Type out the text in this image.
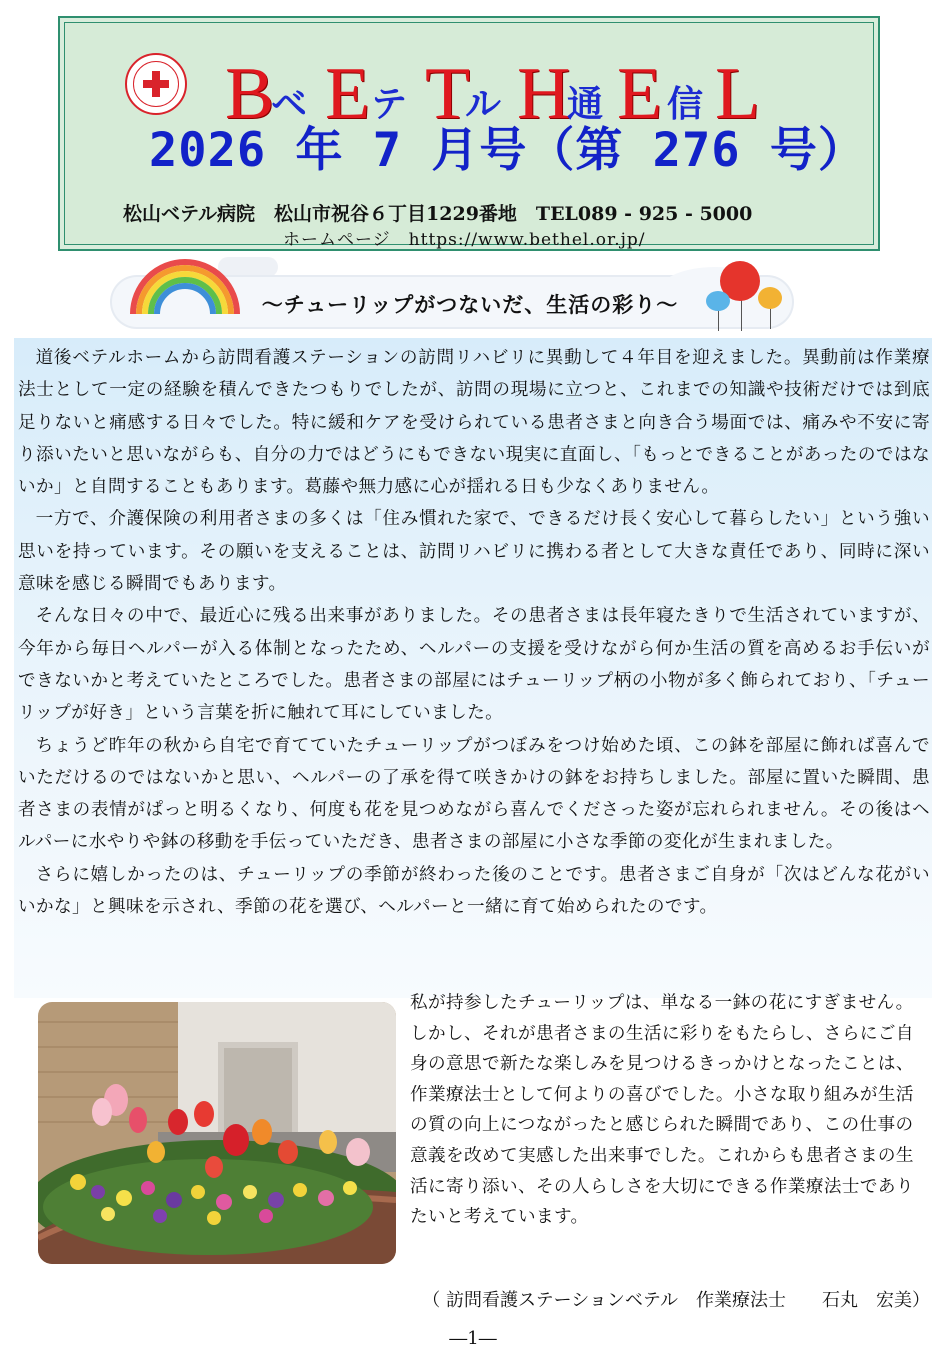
B
ベ E テ T
ル H
通 E 信 L
2026 年 7 月号（第 276 号）
松山ベテル病院　松山市祝谷６丁目1229番地　TEL089 - 925 - 5000
ホームページ　https://www.bethel.or.jp/
～チューリップがつないだ、生活の彩り～

道後ベテルホームから訪問看護ステーションの訪問リハビリに異動して４年目を迎えました。異動前は作業療法士として一定の経験を積んできたつもりでしたが、訪問の現場に立つと、これまでの知識や技術だけでは到底足りないと痛感する日々でした。特に緩和ケアを受けられている患者さまと向き合う場面では、痛みや不安に寄り添いたいと思いながらも、自分の力ではどうにもできない現実に直面し、「もっとできることがあったのではないか」と自問することもあります。葛藤や無力感に心が揺れる日も少なくありません。

一方で、介護保険の利用者さまの多くは「住み慣れた家で、できるだけ長く安心して暮らしたい」という強い思いを持っています。その願いを支えることは、訪問リハビリに携わる者として大きな責任であり、同時に深い意味を感じる瞬間でもあります。

そんな日々の中で、最近心に残る出来事がありました。その患者さまは長年寝たきりで生活されていますが、今年から毎日ヘルパーが入る体制となったため、ヘルパーの支援を受けながら何か生活の質を高めるお手伝いができないかと考えていたところでした。患者さまの部屋にはチューリップ柄の小物が多く飾られており、「チューリップが好き」という言葉を折に触れて耳にしていました。

ちょうど昨年の秋から自宅で育てていたチューリップがつぼみをつけ始めた頃、この鉢を部屋に飾れば喜んでいただけるのではないかと思い、ヘルパーの了承を得て咲きかけの鉢をお持ちしました。部屋に置いた瞬間、患者さまの表情がぱっと明るくなり、何度も花を見つめながら喜んでくださった姿が忘れられません。その後はヘルパーに水やりや鉢の移動を手伝っていただき、患者さまの部屋に小さな季節の変化が生まれました。

さらに嬉しかったのは、チューリップの季節が終わった後のことです。患者さまご自身が「次はどんな花がいいかな」と興味を示され、季節の花を選び、ヘルパーと一緒に育て始められたのです。

私が持参したチューリップは、単なる一鉢の花にすぎません。しかし、それが患者さまの生活に彩りをもたらし、さらにご自身の意思で新たな楽しみを見つけるきっかけとなったことは、作業療法士として何よりの喜びでした。小さな取り組みが生活の質の向上につながったと感じられた瞬間であり、この仕事の意義を改めて実感した出来事でした。これからも患者さまの生活に寄り添い、その人らしさを大切にできる作業療法士でありたいと考えています。

（ 訪問看護ステーションベテル　作業療法士　　石丸　宏美）
―1―
